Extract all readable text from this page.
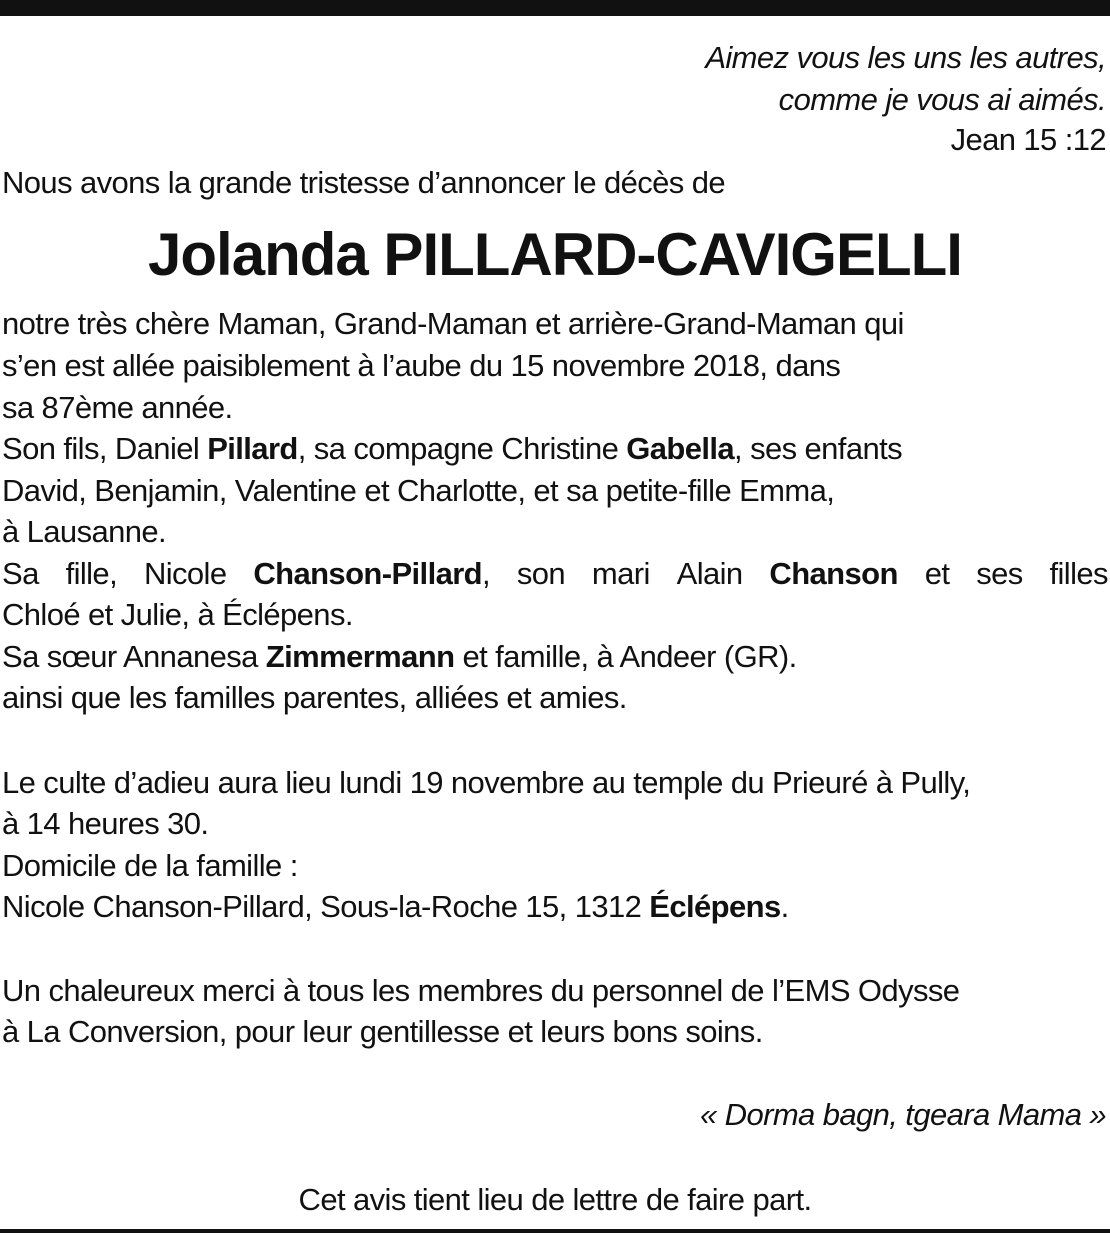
Aimez vous les uns les autres,
comme je vous ai aimés.
Jean 15 :12
Nous avons la grande tristesse d’annoncer le décès de
Jolanda PILLARD-CAVIGELLI
notre très chère Maman, Grand-Maman et arrière-Grand-Maman qui
s’en est allée paisiblement à l’aube du 15 novembre 2018, dans
sa 87ème année.
Son fils, Daniel Pillard, sa compagne Christine Gabella, ses enfants
David, Benjamin, Valentine et Charlotte, et sa petite-fille Emma,
à Lausanne.
Sa fille, Nicole Chanson-Pillard, son mari Alain Chanson et ses filles
Chloé et Julie, à Éclépens.
Sa sœur Annanesa Zimmermann et famille, à Andeer (GR).
ainsi que les familles parentes, alliées et amies.
Le culte d’adieu aura lieu lundi 19 novembre au temple du Prieuré à Pully,
à 14 heures 30.
Domicile de la famille :
Nicole Chanson-Pillard, Sous-la-Roche 15, 1312 Éclépens.
Un chaleureux merci à tous les membres du personnel de l’EMS Odysse
à La Conversion, pour leur gentillesse et leurs bons soins.
« Dorma bagn, tgeara Mama »
Cet avis tient lieu de lettre de faire part.
